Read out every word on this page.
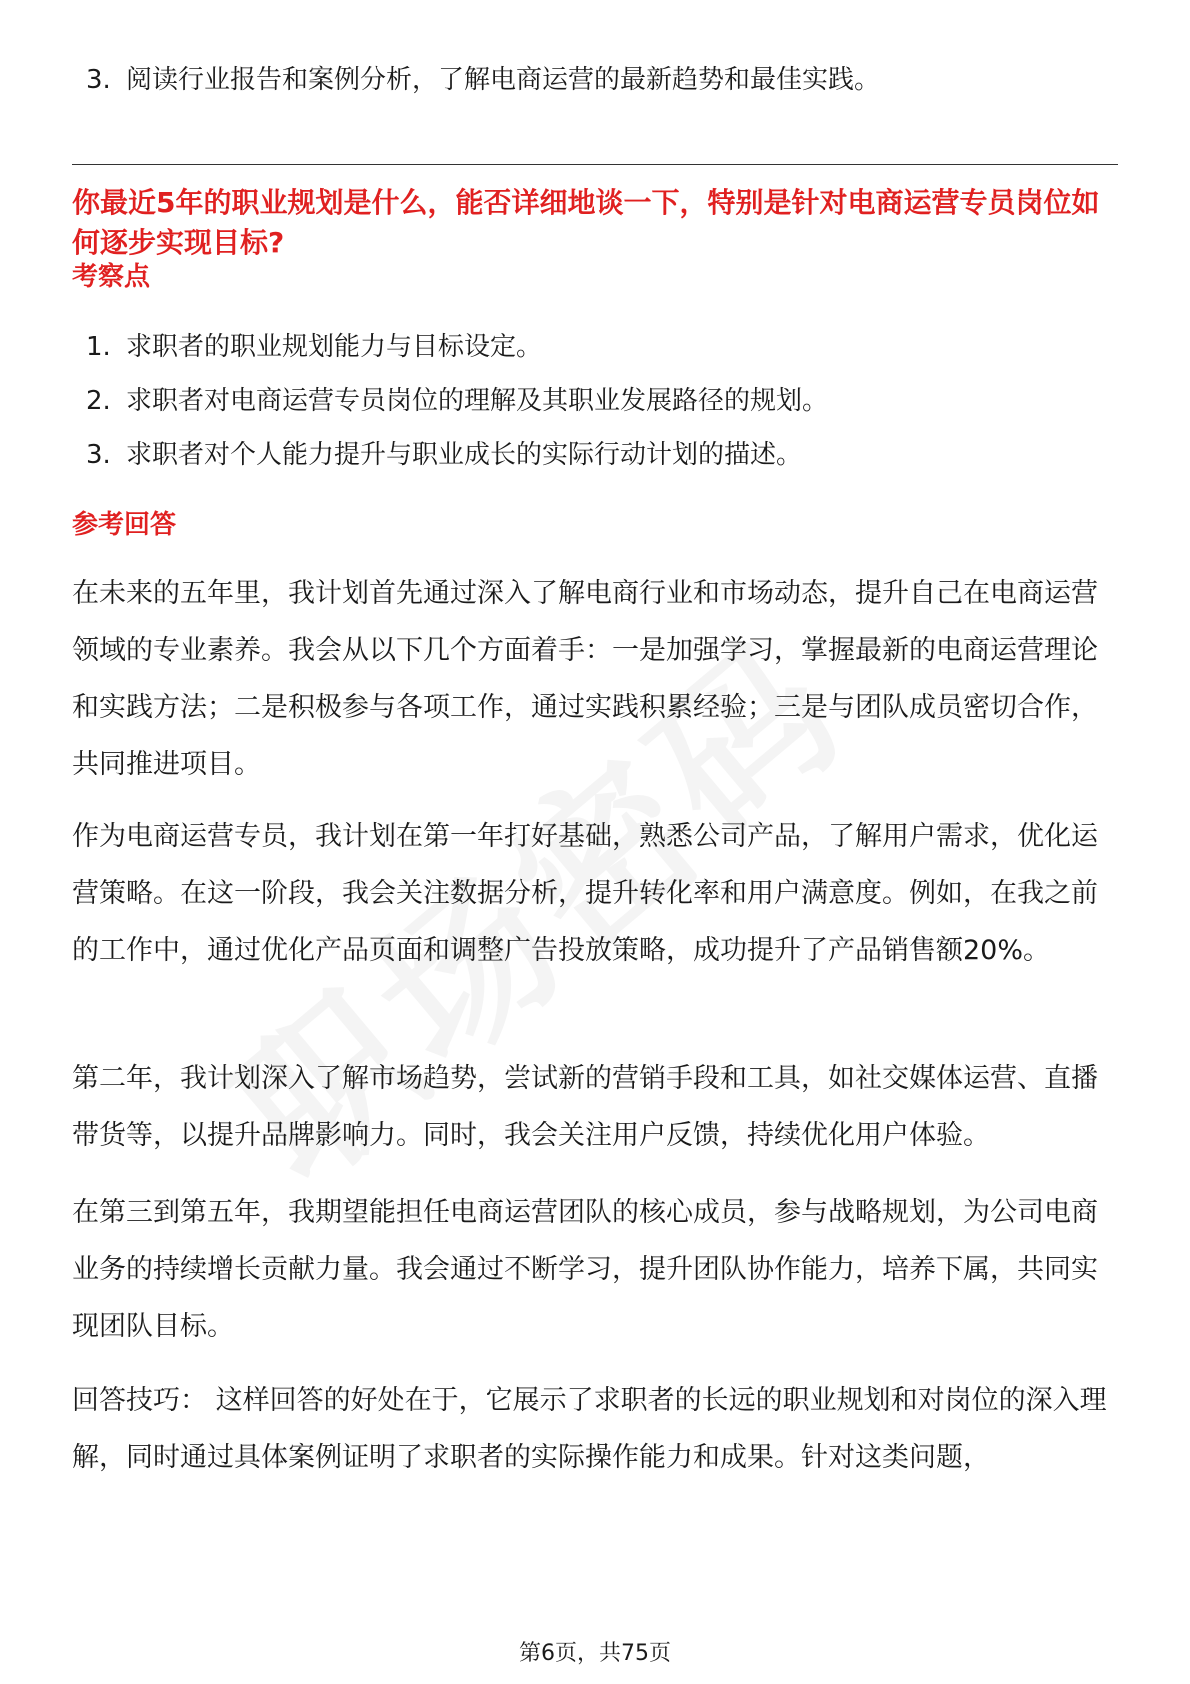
3. 阅读行业报告和案例分析，了解电商运营的最新趋势和最佳实践。
你最近5年的职业规划是什么，能否详细地谈一下，特别是针对电商运营专员岗位如何逐步实现目标?
考察点
1. 求职者的职业规划能力与目标设定。
2. 求职者对电商运营专员岗位的理解及其职业发展路径的规划。
3. 求职者对个人能力提升与职业成长的实际行动计划的描述。
参考回答
在未来的五年里，我计划首先通过深入了解电商行业和市场动态，提升自己在电商运营领域的专业素养。我会从以下几个方面着手：一是加强学习，掌握最新的电商运营理论和实践方法；二是积极参与各项工作，通过实践积累经验；三是与团队成员密切合作，共同推进项目。
作为电商运营专员，我计划在第一年打好基础，熟悉公司产品，了解用户需求，优化运营策略。在这一阶段，我会关注数据分析，提升转化率和用户满意度。例如，在我之前的工作中，通过优化产品页面和调整广告投放策略，成功提升了产品销售额20%。
第二年，我计划深入了解市场趋势，尝试新的营销手段和工具，如社交媒体运营、直播带货等，以提升品牌影响力。同时，我会关注用户反馈，持续优化用户体验。
在第三到第五年，我期望能担任电商运营团队的核心成员，参与战略规划，为公司电商业务的持续增长贡献力量。我会通过不断学习，提升团队协作能力，培养下属，共同实现团队目标。
回答技巧： 这样回答的好处在于，它展示了求职者的长远的职业规划和对岗位的深入理解，同时通过具体案例证明了求职者的实际操作能力和成果。针对这类问题，
第6页，共75页
